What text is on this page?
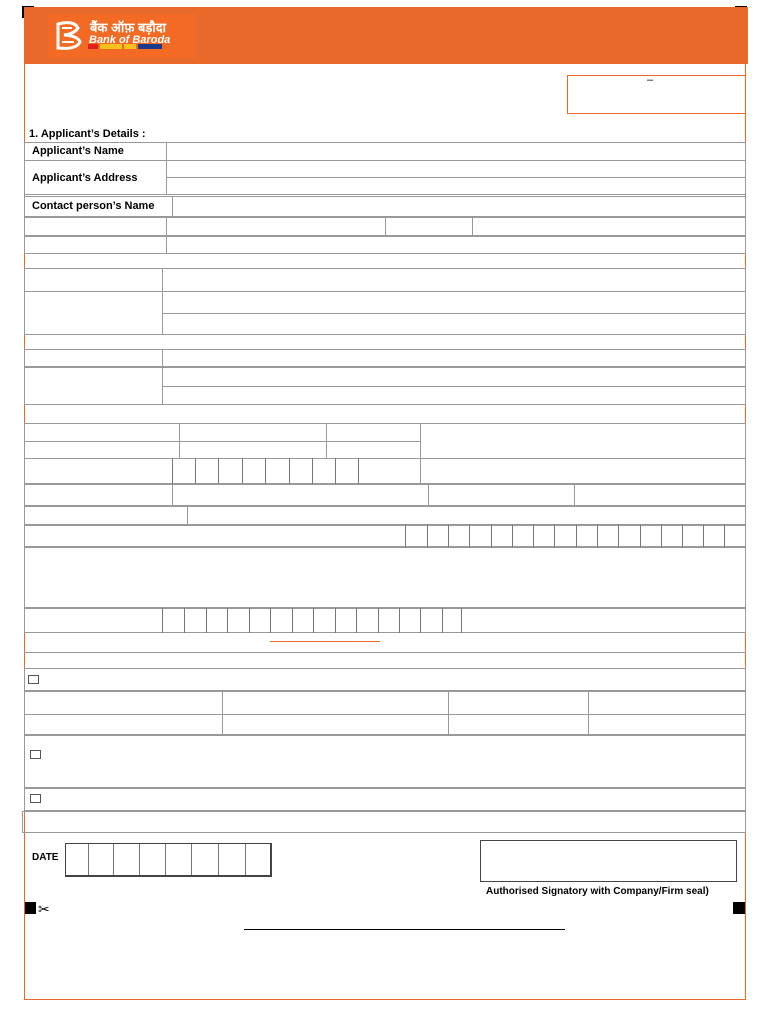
बैंक ऑफ़ बड़ौदा
Bank of Baroda
–
1. Applicant’s Details :
Applicant’s Name
Applicant’s Address
Contact person’s Name
DATE
Authorised Signatory with Company/Firm seal)
✂
